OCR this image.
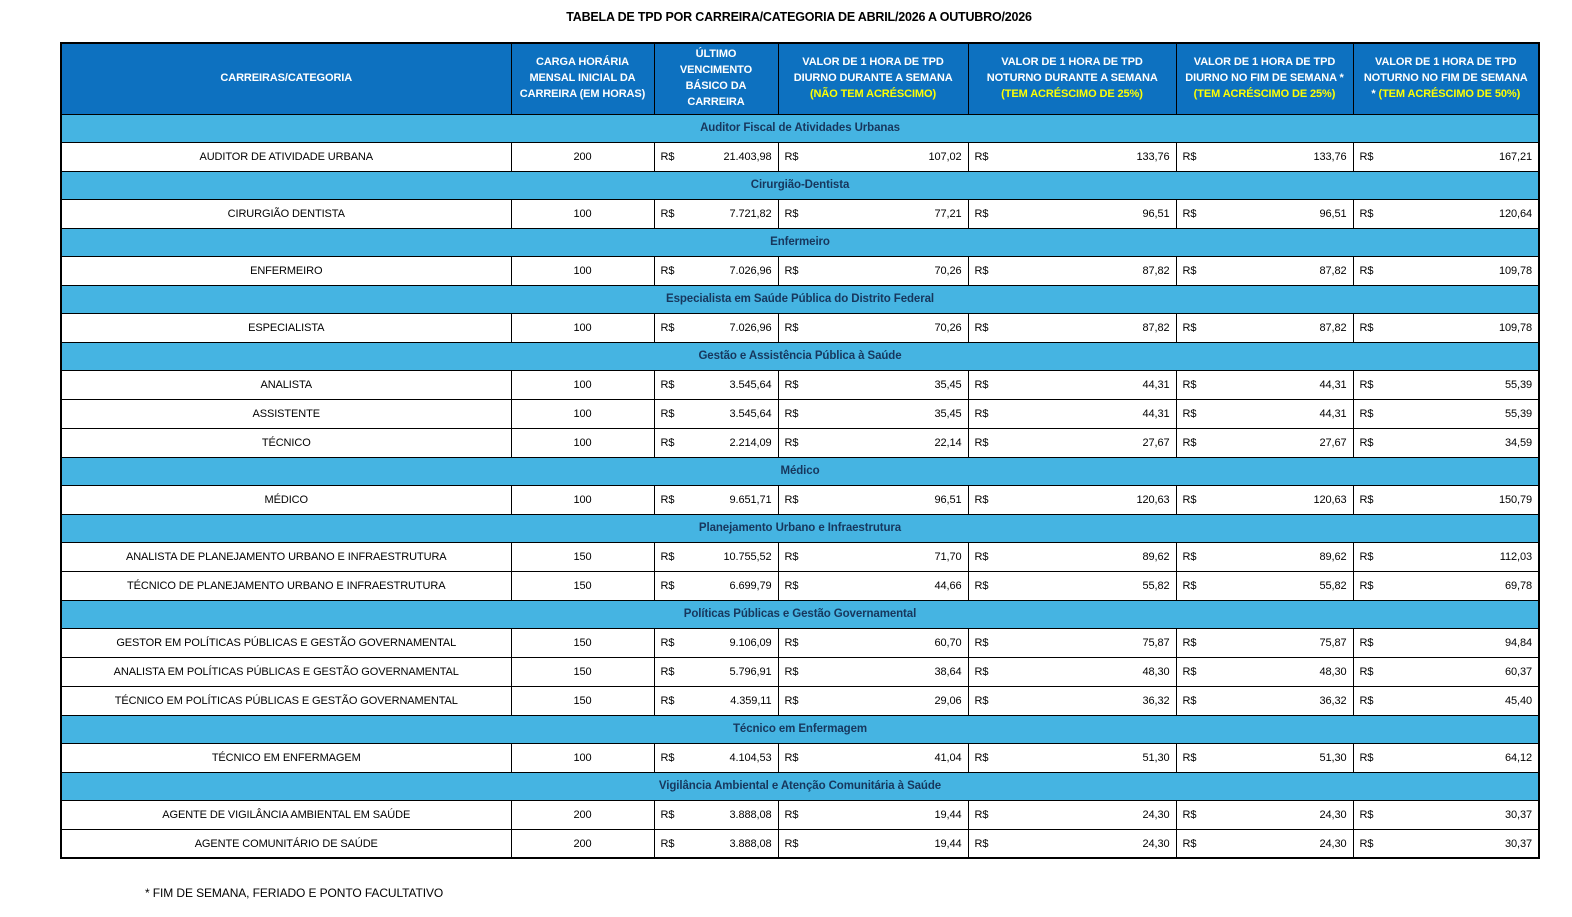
TABELA DE TPD POR CARREIRA/CATEGORIA DE ABRIL/2026 A OUTUBRO/2026
CARREIRAS/CATEGORIA	CARGA HORÁRIA MENSAL INICIAL DA CARREIRA (EM HORAS)	ÚLTIMO VENCIMENTO BÁSICO DA CARREIRA	VALOR DE 1 HORA DE TPD DIURNO DURANTE A SEMANA (NÃO TEM ACRÉSCIMO)	VALOR DE 1 HORA DE TPD NOTURNO DURANTE A SEMANA (TEM ACRÉSCIMO DE 25%)	VALOR DE 1 HORA DE TPD DIURNO NO FIM DE SEMANA * (TEM ACRÉSCIMO DE 25%)	VALOR DE 1 HORA DE TPD NOTURNO NO FIM DE SEMANA * (TEM ACRÉSCIMO DE 50%)
Auditor Fiscal de Atividades Urbanas						
AUDITOR DE ATIVIDADE URBANA	200	R$ 21.403,98	R$ 107,02	R$ 133,76	R$ 133,76	R$ 167,21

Cirurgião-Dentista						
CIRURGIÃO DENTISTA	100	R$ 7.721,82	R$ 77,21	R$ 96,51	R$ 96,51	R$ 120,64

Enfermeiro						
ENFERMEIRO	100	R$ 7.026,96	R$ 70,26	R$ 87,82	R$ 87,82	R$ 109,78

Especialista em Saúde Pública do Distrito Federal						
ESPECIALISTA	100	R$ 7.026,96	R$ 70,26	R$ 87,82	R$ 87,82	R$ 109,78

Gestão e Assistência Pública à Saúde						
ANALISTA	100	R$ 3.545,64	R$ 35,45	R$ 44,31	R$ 44,31	R$ 55,39

ASSISTENTE	100	R$ 3.545,64	R$ 35,45	R$ 44,31	R$ 44,31	R$ 55,39

TÉCNICO	100	R$ 2.214,09	R$ 22,14	R$ 27,67	R$ 27,67	R$ 34,59

Médico						
MÉDICO	100	R$ 9.651,71	R$ 96,51	R$ 120,63	R$ 120,63	R$ 150,79

Planejamento Urbano e Infraestrutura						
ANALISTA DE PLANEJAMENTO URBANO E INFRAESTRUTURA	150	R$ 10.755,52	R$ 71,70	R$ 89,62	R$ 89,62	R$ 112,03

TÉCNICO DE PLANEJAMENTO URBANO E INFRAESTRUTURA	150	R$ 6.699,79	R$ 44,66	R$ 55,82	R$ 55,82	R$ 69,78

Políticas Públicas e Gestão Governamental						
GESTOR EM POLÍTICAS PÚBLICAS E GESTÃO GOVERNAMENTAL	150	R$ 9.106,09	R$ 60,70	R$ 75,87	R$ 75,87	R$ 94,84

ANALISTA EM POLÍTICAS PÚBLICAS E GESTÃO GOVERNAMENTAL	150	R$ 5.796,91	R$ 38,64	R$ 48,30	R$ 48,30	R$ 60,37

TÉCNICO EM POLÍTICAS PÚBLICAS E GESTÃO GOVERNAMENTAL	150	R$ 4.359,11	R$ 29,06	R$ 36,32	R$ 36,32	R$ 45,40

Técnico em Enfermagem						
TÉCNICO EM ENFERMAGEM	100	R$ 4.104,53	R$ 41,04	R$ 51,30	R$ 51,30	R$ 64,12

Vigilância Ambiental e Atenção Comunitária à Saúde						
AGENTE DE VIGILÂNCIA AMBIENTAL EM SAÚDE	200	R$ 3.888,08	R$ 19,44	R$ 24,30	R$ 24,30	R$ 30,37

AGENTE COMUNITÁRIO DE SAÚDE	200	R$ 3.888,08	R$ 19,44	R$ 24,30	R$ 24,30	R$ 30,37
* FIM DE SEMANA, FERIADO E PONTO FACULTATIVO
